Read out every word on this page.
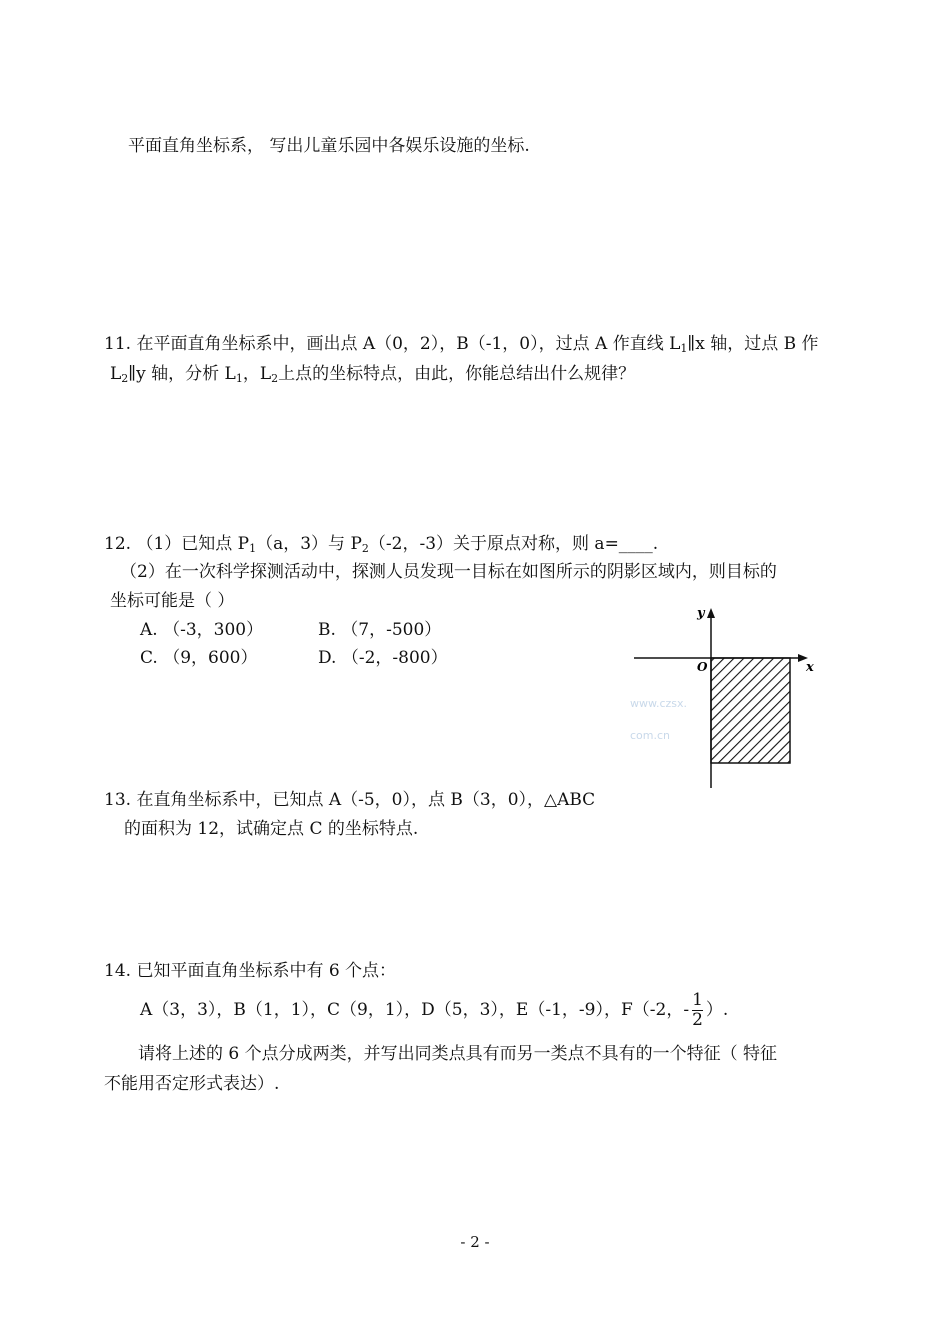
平面直角坐标系， 写出儿童乐园中各娱乐设施的坐标.
11. 在平面直角坐标系中，画出点 A（0，2），B（-1，0），过点 A 作直线 $L_1\parallel x$ 轴，过点 B 作
$L_2\parallel y$ 轴，分析 $L_1$，$L_2$上点的坐标特点，由此，你能总结出什么规律？
12. （1）已知点 $P_1(a$，3）与 $P_2(-2$，-3）关于原点对称，则 a=____.
（2）在一次科学探测活动中，探测人员发现一目标在如图所示的阴影区域内，则目标的
坐标可能是（ ）
A. （-3，300）	B. （7，-500）
C. （9，600）	D. （-2，-800）
y
x
O
www.czsx.
com.cn
13. 在直角坐标系中，已知点 A（-5，0），点 B（3，0），△ABC
的面积为 12，试确定点 C 的坐标特点.
14. 已知平面直角坐标系中有 6 个点：
A（3，3），B（1，1），C（9，1），D（5，3），E（-1，-9），F（-2，- $\frac{1}{2}$ ）.
请将上述的 6 个点分成两类，并写出同类点具有而另一类点不具有的一个特征（ 特征
不能用否定形式表达）.
- 2 -
